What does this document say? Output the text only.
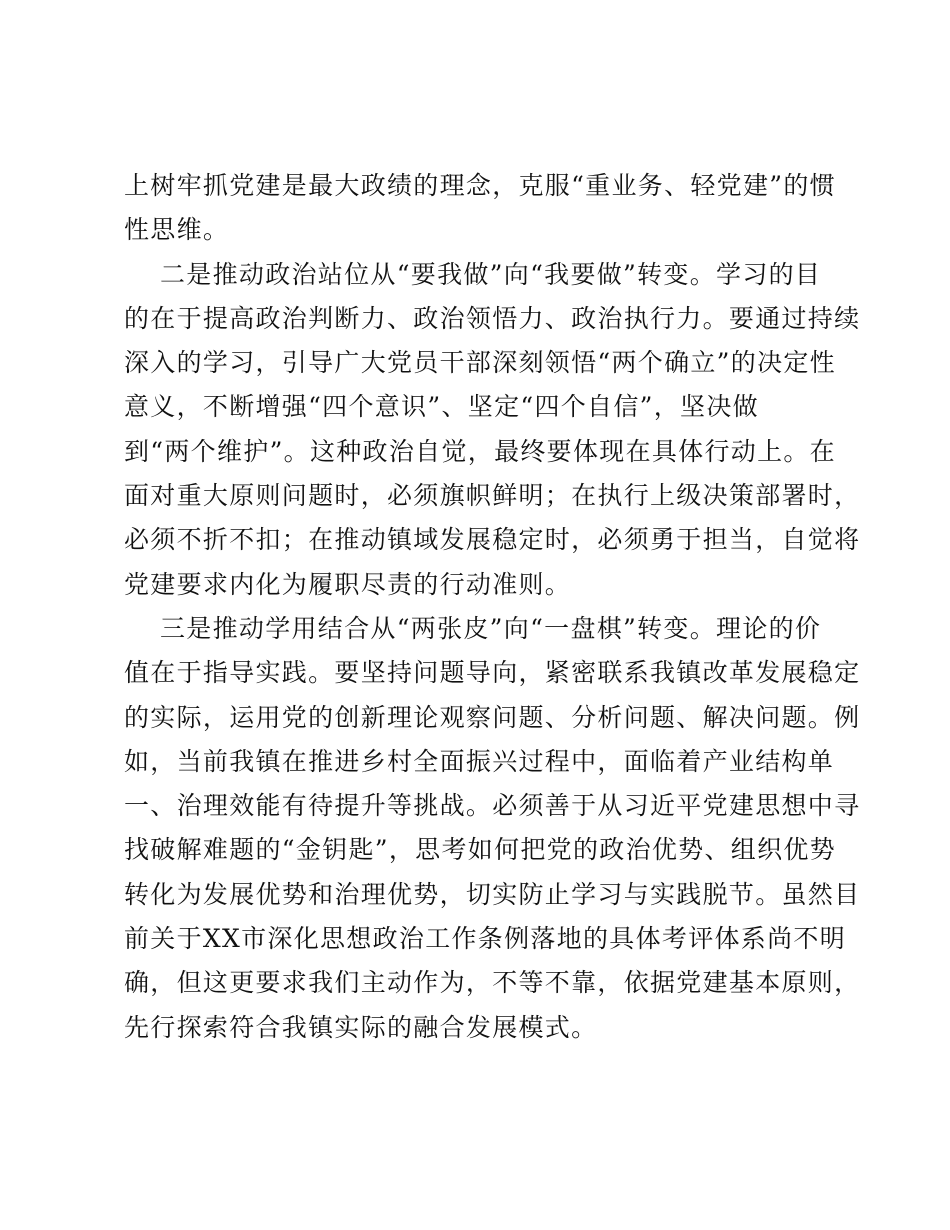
上树牢抓党建是最大政绩的理念，克服“重业务、轻党建”的惯
性思维。
二是推动政治站位从“要我做”向“我要做”转变。学习的目
的在于提高政治判断力、政治领悟力、政治执行力。要通过持续
深入的学习，引导广大党员干部深刻领悟“两个确立”的决定性
意义，不断增强“四个意识”、坚定“四个自信”，坚决做
到“两个维护”。这种政治自觉，最终要体现在具体行动上。在
面对重大原则问题时，必须旗帜鲜明；在执行上级决策部署时，
必须不折不扣；在推动镇域发展稳定时，必须勇于担当，自觉将
党建要求内化为履职尽责的行动准则。
三是推动学用结合从“两张皮”向“一盘棋”转变。理论的价
值在于指导实践。要坚持问题导向，紧密联系我镇改革发展稳定
的实际，运用党的创新理论观察问题、分析问题、解决问题。例
如，当前我镇在推进乡村全面振兴过程中，面临着产业结构单
一、治理效能有待提升等挑战。必须善于从习近平党建思想中寻
找破解难题的“金钥匙”，思考如何把党的政治优势、组织优势
转化为发展优势和治理优势，切实防止学习与实践脱节。虽然目
前关于XX市深化思想政治工作条例落地的具体考评体系尚不明
确，但这更要求我们主动作为，不等不靠，依据党建基本原则，
先行探索符合我镇实际的融合发展模式。
